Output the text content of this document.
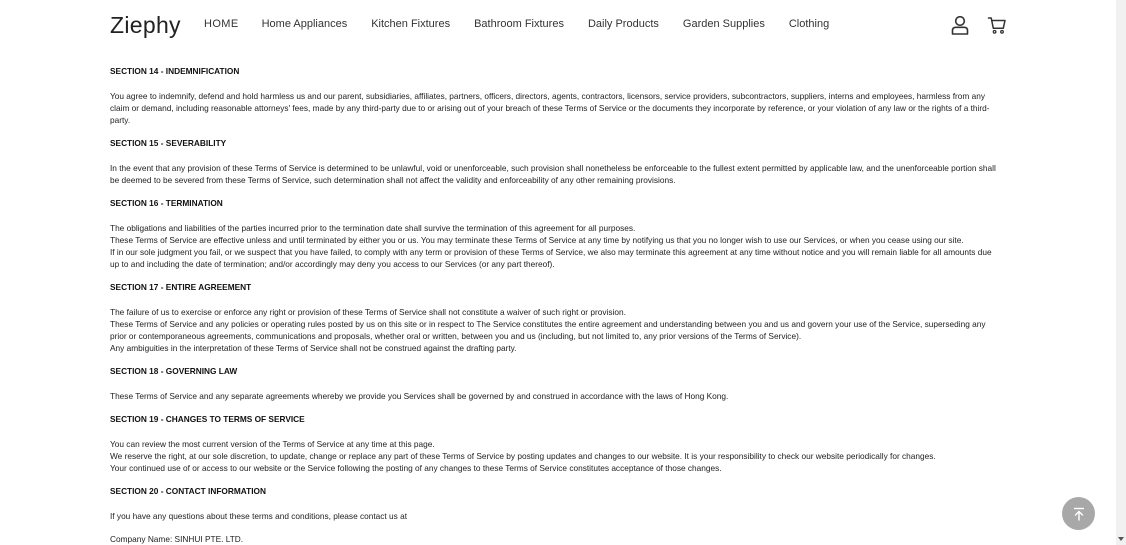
Ziephy HOME Home Appliances Kitchen Fixtures Bathroom Fixtures Daily Products Garden Supplies Clothing
SECTION 14 - INDEMNIFICATION
You agree to indemnify, defend and hold harmless us and our parent, subsidiaries, affiliates, partners, officers, directors, agents, contractors, licensors, service providers, subcontractors, suppliers, interns and employees, harmless from any claim or demand, including reasonable attorneys' fees, made by any third-party due to or arising out of your breach of these Terms of Service or the documents they incorporate by reference, or your violation of any law or the rights of a third-party.
SECTION 15 - SEVERABILITY
In the event that any provision of these Terms of Service is determined to be unlawful, void or unenforceable, such provision shall nonetheless be enforceable to the fullest extent permitted by applicable law, and the unenforceable portion shall be deemed to be severed from these Terms of Service, such determination shall not affect the validity and enforceability of any other remaining provisions.
SECTION 16 - TERMINATION
The obligations and liabilities of the parties incurred prior to the termination date shall survive the termination of this agreement for all purposes.
These Terms of Service are effective unless and until terminated by either you or us. You may terminate these Terms of Service at any time by notifying us that you no longer wish to use our Services, or when you cease using our site.
If in our sole judgment you fail, or we suspect that you have failed, to comply with any term or provision of these Terms of Service, we also may terminate this agreement at any time without notice and you will remain liable for all amounts due up to and including the date of termination; and/or accordingly may deny you access to our Services (or any part thereof).
SECTION 17 - ENTIRE AGREEMENT
The failure of us to exercise or enforce any right or provision of these Terms of Service shall not constitute a waiver of such right or provision.
These Terms of Service and any policies or operating rules posted by us on this site or in respect to The Service constitutes the entire agreement and understanding between you and us and govern your use of the Service, superseding any prior or contemporaneous agreements, communications and proposals, whether oral or written, between you and us (including, but not limited to, any prior versions of the Terms of Service).
Any ambiguities in the interpretation of these Terms of Service shall not be construed against the drafting party.
SECTION 18 - GOVERNING LAW
These Terms of Service and any separate agreements whereby we provide you Services shall be governed by and construed in accordance with the laws of Hong Kong.
SECTION 19 - CHANGES TO TERMS OF SERVICE
You can review the most current version of the Terms of Service at any time at this page.
We reserve the right, at our sole discretion, to update, change or replace any part of these Terms of Service by posting updates and changes to our website. It is your responsibility to check our website periodically for changes.
Your continued use of or access to our website or the Service following the posting of any changes to these Terms of Service constitutes acceptance of those changes.
SECTION 20 - CONTACT INFORMATION
If you have any questions about these terms and conditions, please contact us at
Company Name: SINHUI PTE. LTD.
